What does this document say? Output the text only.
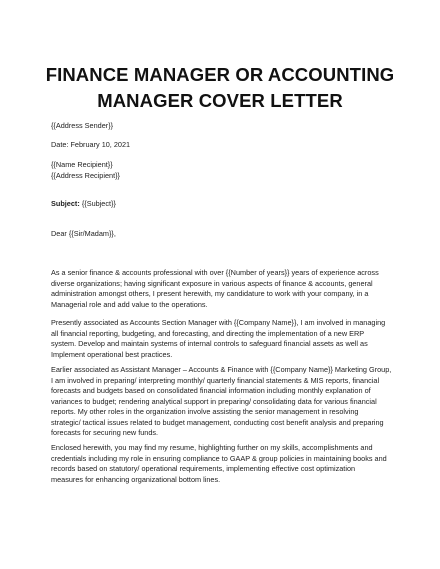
FINANCE MANAGER OR ACCOUNTING
MANAGER COVER LETTER

{{Address Sender}}

Date: February 10, 2021

{{Name Recipient}}
{{Address Recipient}}

Subject: {{Subject}}

Dear {{Sir/Madam}},

As a senior finance & accounts professional with over {{Number of years}} years of experience across
diverse organizations; having significant exposure in various aspects of finance & accounts, general
administration amongst others, I present herewith, my candidature to work with your company, in a
Managerial role and add value to the operations.
Presently associated as Accounts Section Manager with {{Company Name}}, I am involved in managing
all financial reporting, budgeting, and forecasting, and directing the implementation of a new ERP
system. Develop and maintain systems of internal controls to safeguard financial assets as well as
Implement operational best practices.
Earlier associated as Assistant Manager – Accounts & Finance with {{Company Name}} Marketing Group,
I am involved in preparing/ interpreting monthly/ quarterly financial statements & MIS reports, financial
forecasts and budgets based on consolidated financial information including monthly explanation of
variances to budget; rendering analytical support in preparing/ consolidating data for various financial
reports. My other roles in the organization involve assisting the senior management in resolving
strategic/ tactical issues related to budget management, conducting cost benefit analysis and preparing
forecasts for securing new funds.
Enclosed herewith, you may find my resume, highlighting further on my skills, accomplishments and
credentials including my role in ensuring compliance to GAAP & group policies in maintaining books and
records based on statutory/ operational requirements, implementing effective cost optimization
measures for enhancing organizational bottom lines.
